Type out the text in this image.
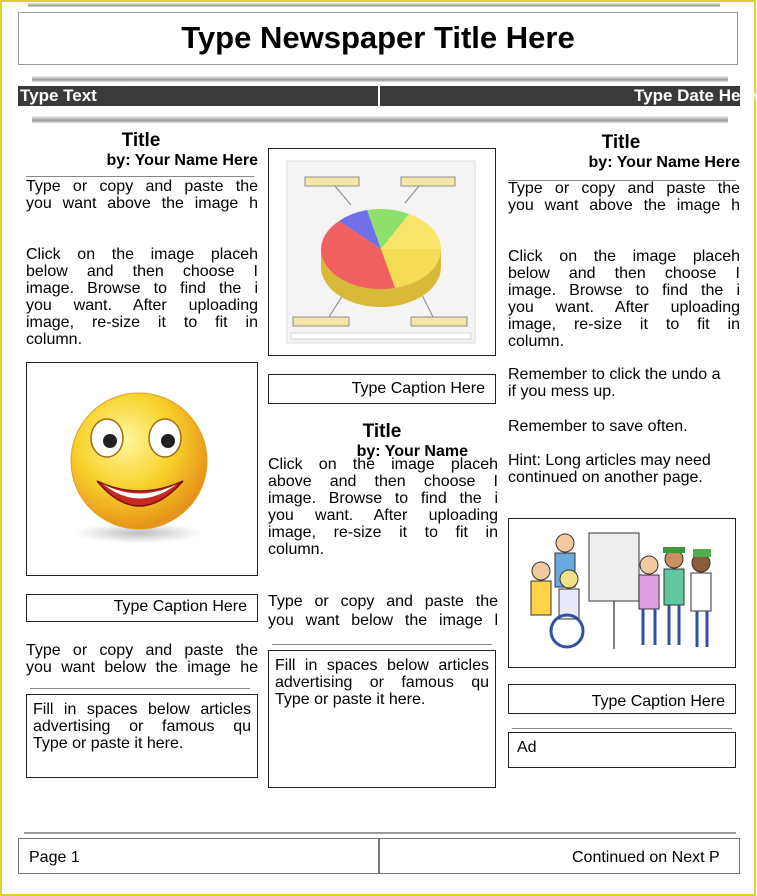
Type Newspaper Title Here
Type Text	Type Date Here
Title
by: Your Name Here
Type or copy and paste the
you want above the image h
Click on the image placeh
below and then choose I
image. Browse to find the i
you want. After uploading
image, re-size it to fit in
column.
Type Caption Here
Type or copy and paste the
you want below the image he
Fill in spaces below articles
advertising or famous qu
Type or paste it here.
Type Caption Here
Title
by: Your Name
Click on the image placeh
above and then choose I
image. Browse to find the i
you want. After uploading
image, re-size it to fit in
column.
Type or copy and paste the
you want below the image l
Fill in spaces below articles
advertising or famous qu
Type or paste it here.
Title
by: Your Name Here
Type or copy and paste the
you want above the image h
Click on the image placeh
below and then choose I
image. Browse to find the i
you want. After uploading
image, re-size it to fit in
column.
Remember to click the undo a
if you mess up.
Remember to save often.
Hint: Long articles may need
continued on another page.
Type Caption Here
Ad
Page 1	Continued on Next P
